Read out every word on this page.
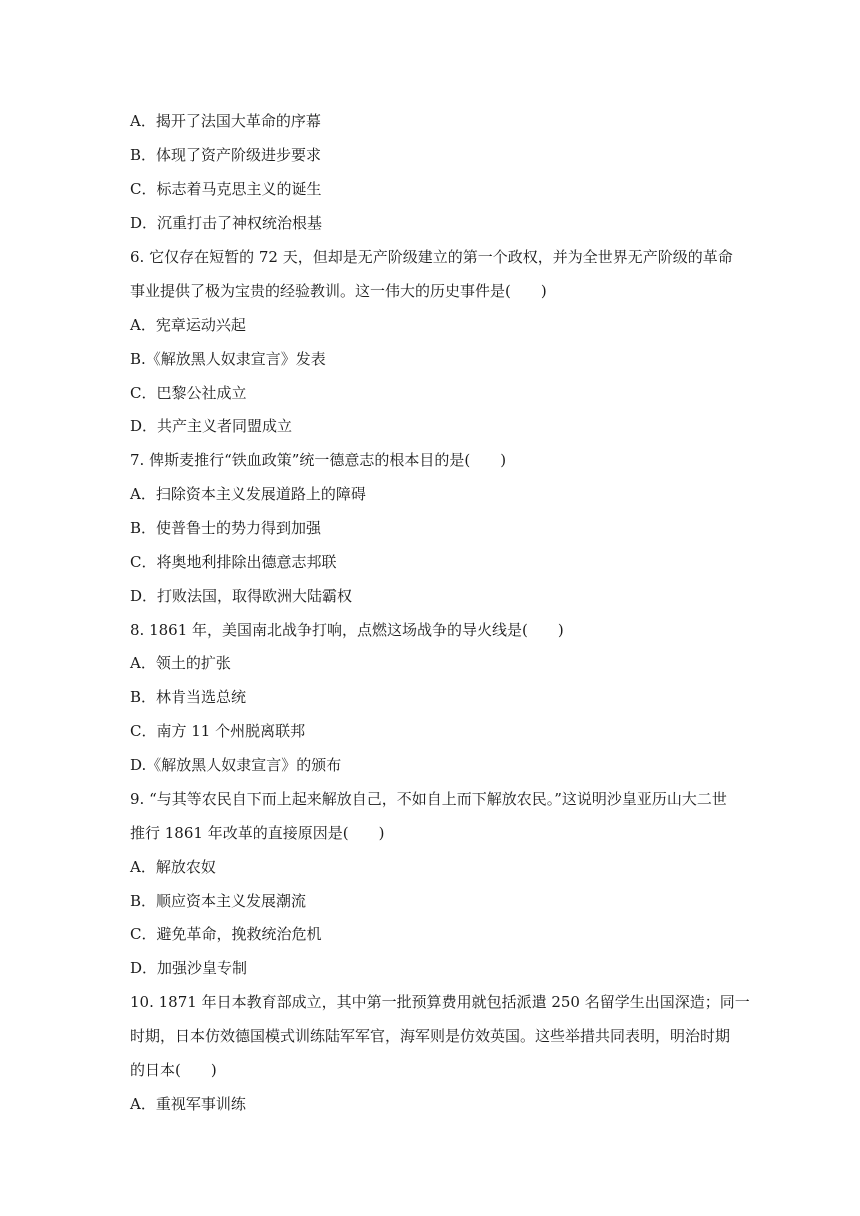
A．揭开了法国大革命的序幕
B．体现了资产阶级进步要求
C．标志着马克思主义的诞生
D．沉重打击了神权统治根基
6. 它仅存在短暂的 72 天，但却是无产阶级建立的第一个政权，并为全世界无产阶级的革命
事业提供了极为宝贵的经验教训。这一伟大的历史事件是(　　)
A．宪章运动兴起
B.《解放黑人奴隶宣言》发表
C．巴黎公社成立
D．共产主义者同盟成立
7. 俾斯麦推行“铁血政策”统一德意志的根本目的是(　　)
A．扫除资本主义发展道路上的障碍
B．使普鲁士的势力得到加强
C．将奥地利排除出德意志邦联
D．打败法国，取得欧洲大陆霸权
8. 1861 年，美国南北战争打响，点燃这场战争的导火线是(　　)
A．领土的扩张
B．林肯当选总统
C．南方 11 个州脱离联邦
D.《解放黑人奴隶宣言》的颁布
9. “与其等农民自下而上起来解放自己，不如自上而下解放农民。”这说明沙皇亚历山大二世
推行 1861 年改革的直接原因是(　　)
A．解放农奴
B．顺应资本主义发展潮流
C．避免革命，挽救统治危机
D．加强沙皇专制
10. 1871 年日本教育部成立，其中第一批预算费用就包括派遣 250 名留学生出国深造；同一
时期，日本仿效德国模式训练陆军军官，海军则是仿效英国。这些举措共同表明，明治时期
的日本(　　)
A．重视军事训练
